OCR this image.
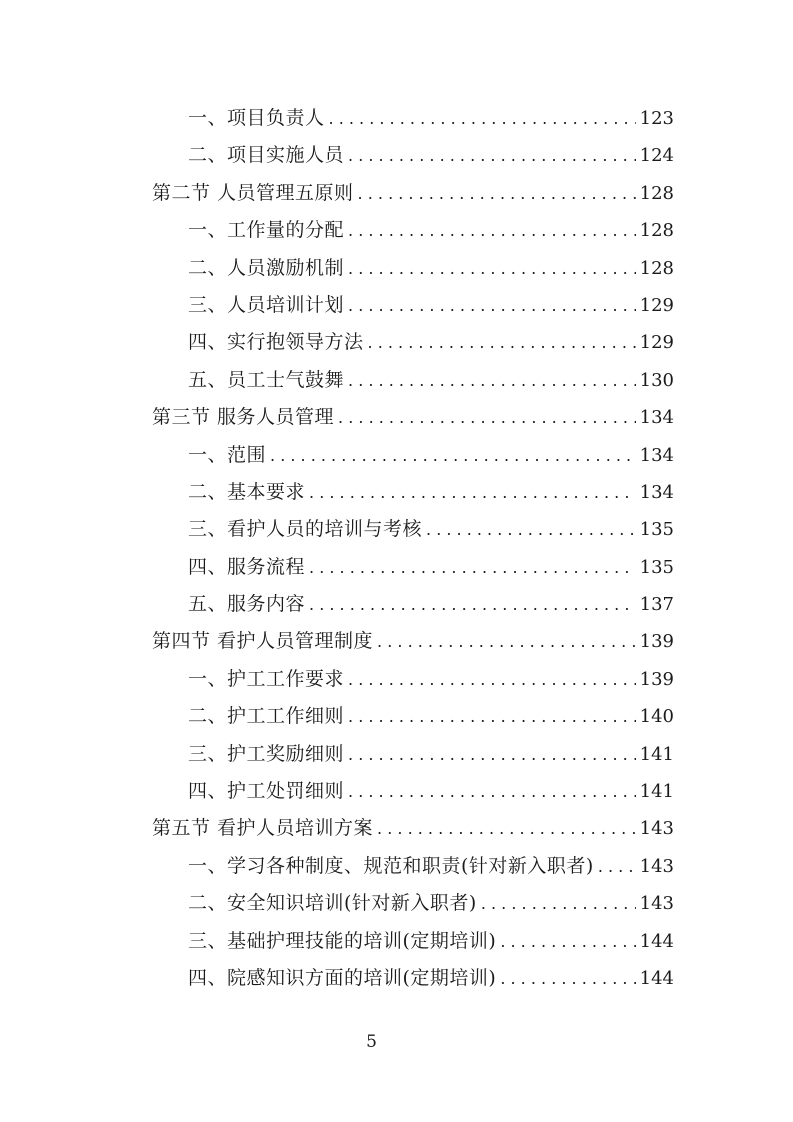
一、项目负责人 . . .	123
二、项目实施人员 . . .	124
第二节 人员管理五原则 . . .	128
一、工作量的分配 . . .	128
二、人员激励机制 . . .	128
三、人员培训计划 . . .	129
四、实行抱领导方法 . . .	129
五、员工士气鼓舞 . . .	130
第三节 服务人员管理 . . .	134
一、范围 . . .	134
二、基本要求 . . .	134
三、看护人员的培训与考核 . . .	135
四、服务流程 . . .	135
五、服务内容 . . .	137
第四节 看护人员管理制度 . . .	139
一、护工工作要求 . . .	139
二、护工工作细则 . . .	140
三、护工奖励细则 . . .	141
四、护工处罚细则 . . .	141
第五节 看护人员培训方案 . . .	143
一、学习各种制度、规范和职责(针对新入职者) . . .	143
二、安全知识培训(针对新入职者) . . .	143
三、基础护理技能的培训(定期培训) . . .	144
四、院感知识方面的培训(定期培训) . . .	144
5
